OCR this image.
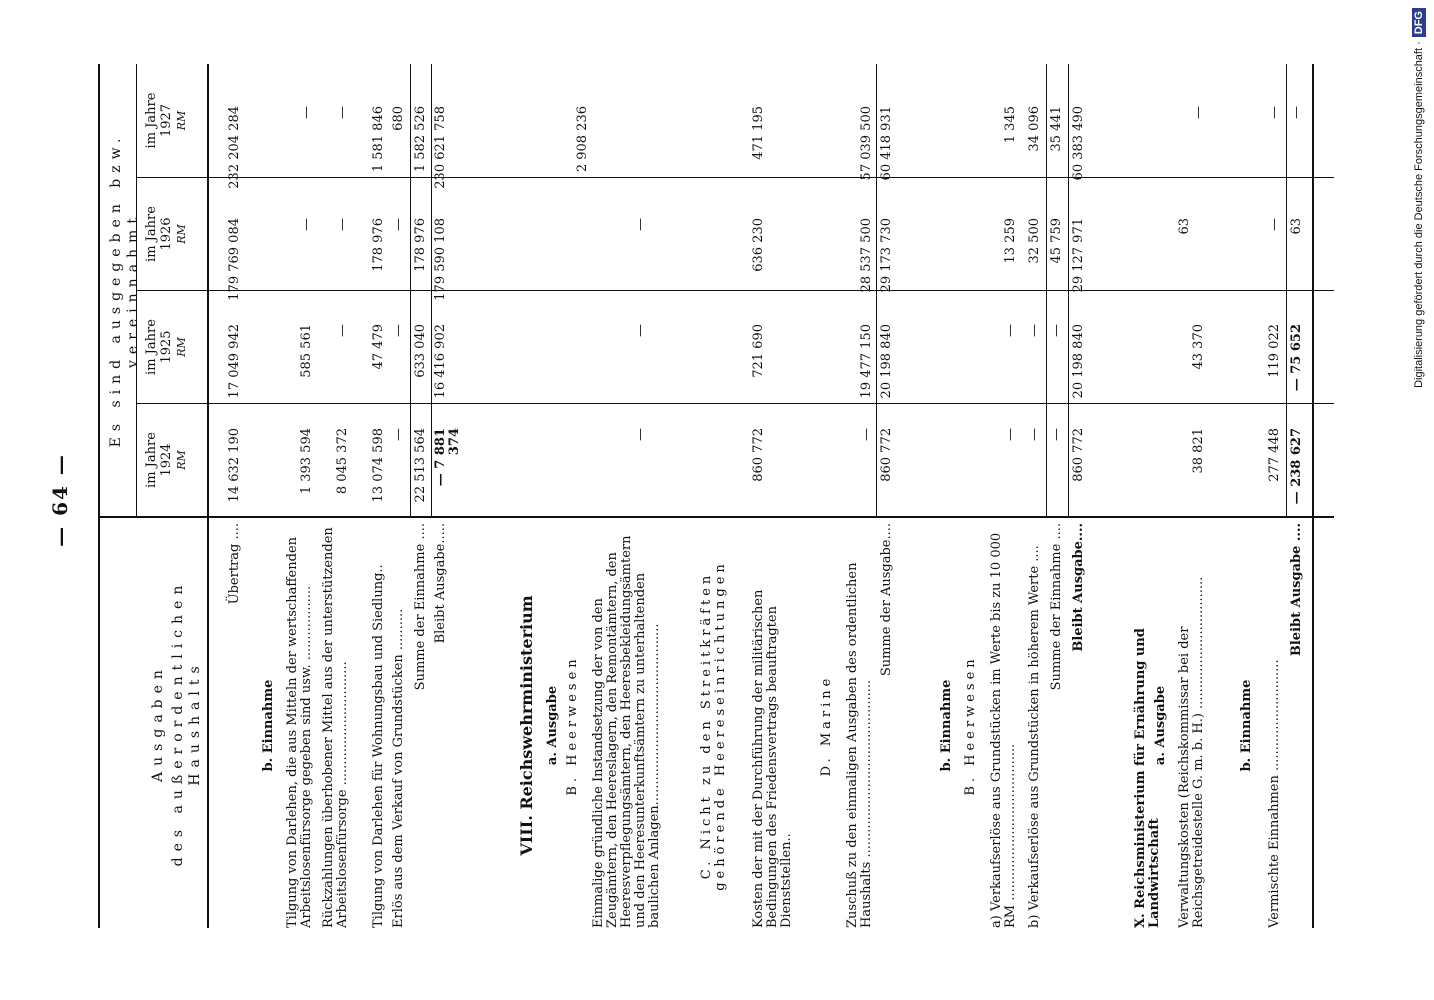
— 64 —
Ausgaben des außerordentlichen Haushalts
Es sind ausgegeben bzw. vereinnahmt
im Jahre 1924 RM
im Jahre 1925 RM
im Jahre 1926 RM
im Jahre 1927 RM
Übertrag ....
14 632 190
17 049 942
179 769 084
232 204 284
b. Einnahme Tilgung von Darlehen, die aus Mitteln der wertschaffenden Arbeitslosenfürsorge gegeben sind usw. ..................
1 393 594
585 561
—
—
Rückzahlungen überhobener Mittel aus der unterstützenden Arbeitslosenfürsorge ..............................
8 045 372
—
—
—
Tilgung von Darlehen für Wohnungsbau und Siedlung..
13 074 598
47 479
178 976
1 581 846
Erlös aus dem Verkauf von Grundstücken ..........
—
—
—
680
Summe der Einnahme ....
22 513 564
633 040
178 976
1 582 526
Bleibt Ausgabe.....
— 7 881 374
16 416 902
179 590 108
230 621 758
VIII. Reichswehrministerium a. Ausgabe B. Heerwesen Einmalige gründliche Instandsetzung der von den Zeugämtern, den Heereslagern, den Remontämtern, den Heeresverpflegungsämtern, den Heeresbekleidungsämtern und den Heeresunterkunftsämtern zu unterhaltenden baulichen Anlagen............................................
—
—
—
2 908 236
C. Nicht zu den Streitkräften gehörende Heereseinrichtungen Kosten der mit der Durchführung der militärischen Bedingungen des Friedensvertrags beauftragten Dienststellen..
860 772
721 690
636 230
471 195
D. Marine Zuschuß zu den einmaligen Ausgaben des ordentlichen Haushalts ...........................................
—
19 477 150
28 537 500
57 039 500
Summe der Ausgabe....
860 772
20 198 840
29 173 730
60 418 931
b. Einnahme B. Heerwesen a) Verkaufserlöse aus Grundstücken im Werte bis zu 10 000 RM ......................................
—
—
13 259
1 345
b) Verkaufserlöse aus Grundstücken in höherem Werte ....
—
—
32 500
34 096
Summe der Einnahme ....
—
—
45 759
35 441
Bleibt Ausgabe....
860 772
20 198 840
29 127 971
60 383 490
X. Reichsministerium für Ernährung und Landwirtschaft
a. Ausgabe Verwaltungskosten (Reichskommissar bei der Reichsgetreidestelle G. m. b. H.) ................................
38 821
43 370
63
—
b. Einnahme Vermischte Einnahmen ...........................
277 448
119 022
—
—
Bleibt Ausgabe ....
— 238 627
— 75 652
63
—	Digitalisierung gefördert durch die Deutsche Forschungsgemeinschaft ·DFG
